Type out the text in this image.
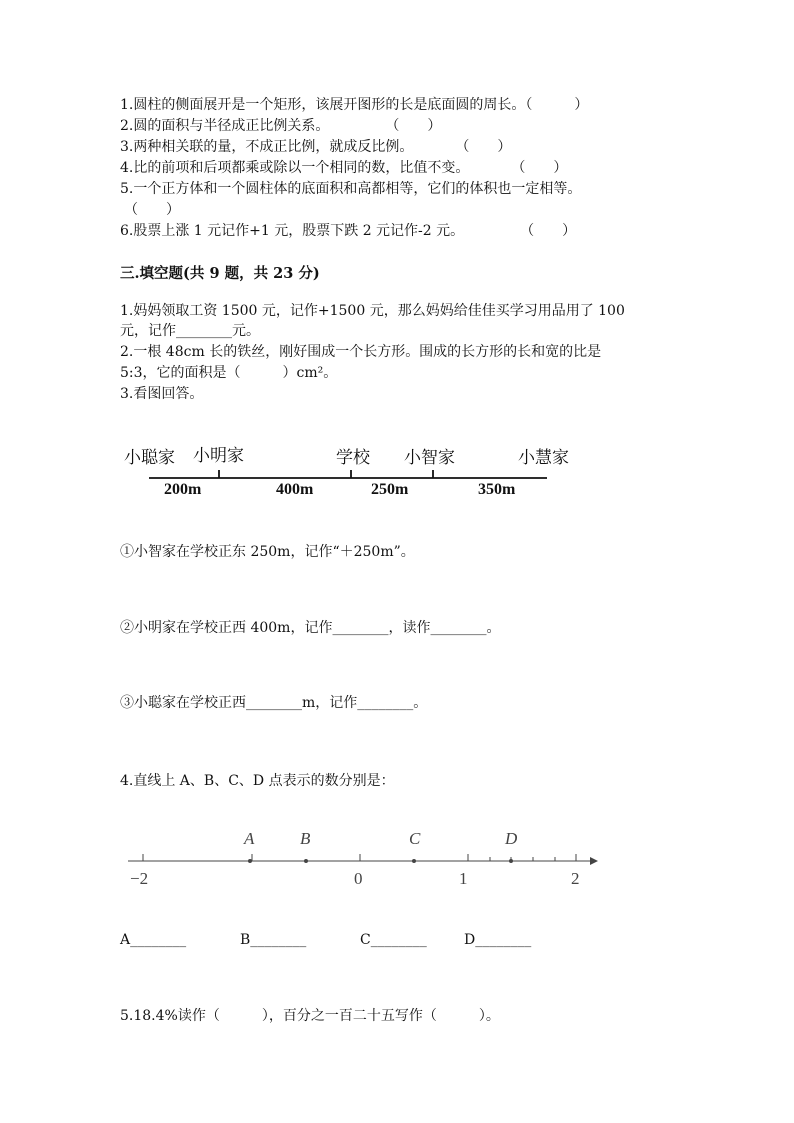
1.圆柱的侧面展开是一个矩形，该展开图形的长是底面圆的周长。（　　　）
2.圆的面积与半径成正比例关系。　　　　　（　　）
3.两种相关联的量，不成正比例，就成反比例。　　　　（　　）
4.比的前项和后项都乘或除以一个相同的数，比值不变。　　　　（　　）
5.一个正方体和一个圆柱体的底面积和高都相等，它们的体积也一定相等。
（　　）
6.股票上涨 1 元记作+1 元，股票下跌 2 元记作-2 元。　　　　　（　　）
三.填空题(共 9 题，共 23 分)
1.妈妈领取工资 1500 元，记作+1500 元，那么妈妈给佳佳买学习用品用了 100
元，记作________元。
2.一根 48cm 长的铁丝，刚好围成一个长方形。围成的长方形的长和宽的比是
5:3，它的面积是（　　　）cm²。
3.看图回答。
小聪家 小明家	学校 小智家	小慧家
200m	400m	250m	350m
①小智家在学校正东 250m，记作“＋250m”。
②小明家在学校正西 400m，记作________，读作________。
③小聪家在学校正西________m，记作________。
4.直线上 A、B、C、D 点表示的数分别是：
A	B	C	D
−2	0	1	2
A________	B________	C________	D________
5.18.4%读作（　　　），百分之一百二十五写作（　　　）。
